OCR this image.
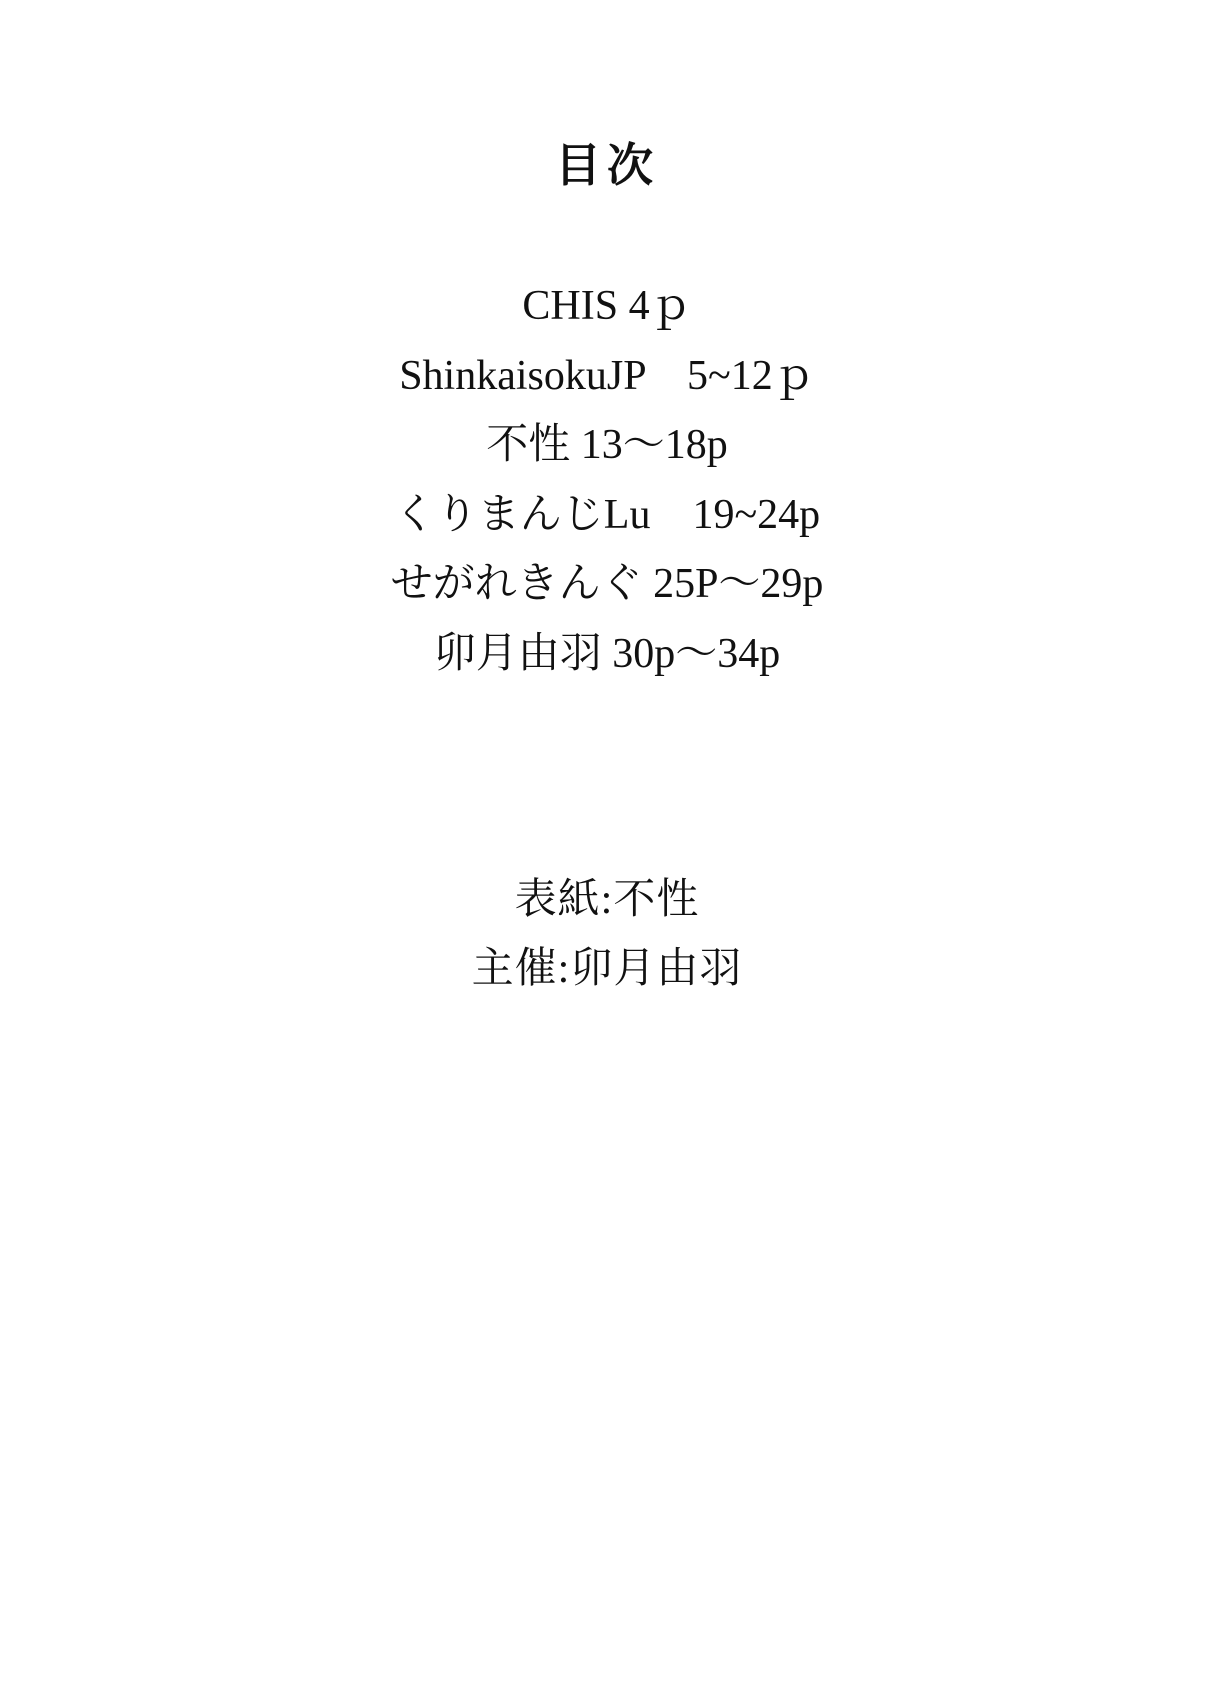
目次
CHIS 4ｐ
ShinkaisokuJP　5~12ｐ
不性 13〜18p
くりまんじLu　19~24p
せがれきんぐ 25P〜29p
卯月由羽 30p〜34p
表紙:不性
主催:卯月由羽
